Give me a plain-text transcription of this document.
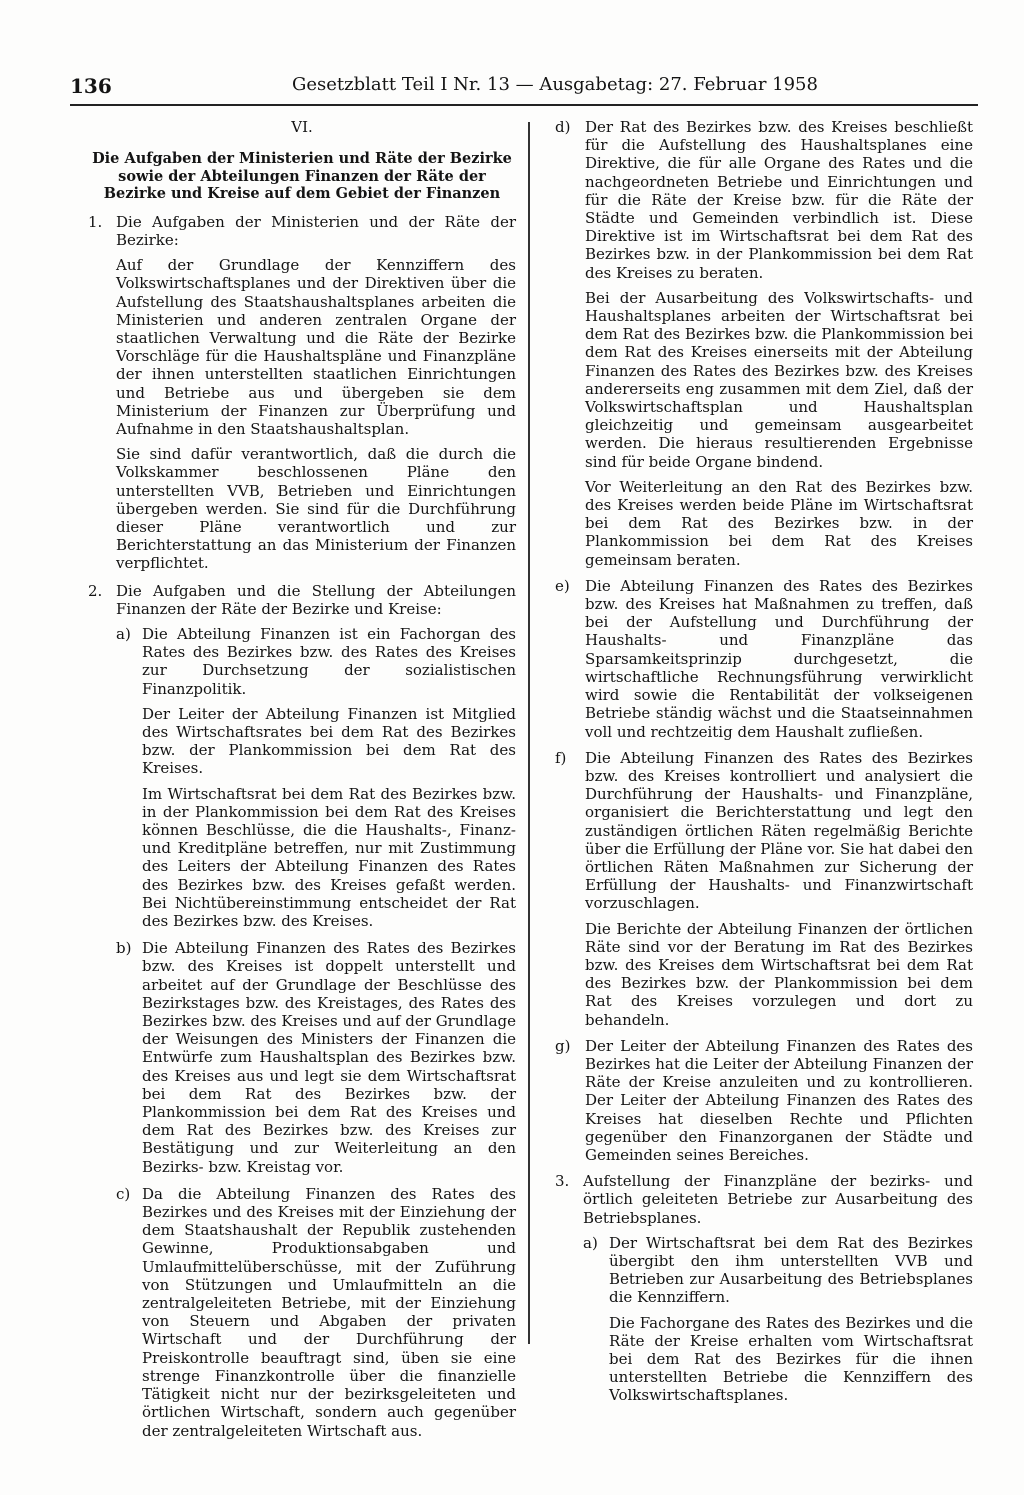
136	Gesetzblatt Teil I Nr. 13 — Ausgabetag: 27. Februar 1958
VI.
Die Aufgaben der Ministerien und Räte der Bezirke sowie der Abteilungen Finanzen der Räte der Bezirke und Kreise auf dem Gebiet der Finanzen
1. Die Aufgaben der Ministerien und der Räte der Bezirke:

Auf der Grundlage der Kennziffern des Volkswirtschaftsplanes und der Direktiven über die Aufstellung des Staatshaushaltsplanes arbeiten die Ministerien und anderen zentralen Organe der staatlichen Verwaltung und die Räte der Bezirke Vorschläge für die Haushaltspläne und Finanzpläne der ihnen unterstellten staatlichen Einrichtungen und Betriebe aus und übergeben sie dem Ministerium der Finanzen zur Überprüfung und Aufnahme in den Staatshaushaltsplan.

Sie sind dafür verantwortlich, daß die durch die Volkskammer beschlossenen Pläne den unterstellten VVB, Betrieben und Einrichtungen übergeben werden. Sie sind für die Durchführung dieser Pläne verantwortlich und zur Berichterstattung an das Ministerium der Finanzen verpflichtet.

2. Die Aufgaben und die Stellung der Abteilungen Finanzen der Räte der Bezirke und Kreise:

a) Die Abteilung Finanzen ist ein Fachorgan des Rates des Bezirkes bzw. des Rates des Kreises zur Durchsetzung der sozialistischen Finanzpolitik.

Der Leiter der Abteilung Finanzen ist Mitglied des Wirtschaftsrates bei dem Rat des Bezirkes bzw. der Plankommission bei dem Rat des Kreises.

Im Wirtschaftsrat bei dem Rat des Bezirkes bzw. in der Plankommission bei dem Rat des Kreises können Beschlüsse, die die Haushalts-, Finanz- und Kreditpläne betreffen, nur mit Zustimmung des Leiters der Abteilung Finanzen des Rates des Bezirkes bzw. des Kreises gefaßt werden. Bei Nichtübereinstimmung entscheidet der Rat des Bezirkes bzw. des Kreises.

b) Die Abteilung Finanzen des Rates des Bezirkes bzw. des Kreises ist doppelt unterstellt und arbeitet auf der Grundlage der Beschlüsse des Bezirkstages bzw. des Kreistages, des Rates des Bezirkes bzw. des Kreises und auf der Grundlage der Weisungen des Ministers der Finanzen die Entwürfe zum Haushaltsplan des Bezirkes bzw. des Kreises aus und legt sie dem Wirtschaftsrat bei dem Rat des Bezirkes bzw. der Plankommission bei dem Rat des Kreises und dem Rat des Bezirkes bzw. des Kreises zur Bestätigung und zur Weiterleitung an den Bezirks- bzw. Kreistag vor.

c) Da die Abteilung Finanzen des Rates des Bezirkes und des Kreises mit der Einziehung der dem Staatshaushalt der Republik zustehenden Gewinne, Produktionsabgaben und Umlaufmittelüberschüsse, mit der Zuführung von Stützungen und Umlaufmitteln an die zentralgeleiteten Betriebe, mit der Einziehung von Steuern und Abgaben der privaten Wirtschaft und der Durchführung der Preiskontrolle beauftragt sind, üben sie eine strenge Finanzkontrolle über die finanzielle Tätigkeit nicht nur der bezirksgeleiteten und örtlichen Wirtschaft, sondern auch gegenüber der zentralgeleiteten Wirtschaft aus.

d) Der Rat des Bezirkes bzw. des Kreises beschließt für die Aufstellung des Haushaltsplanes eine Direktive, die für alle Organe des Rates und die nachgeordneten Betriebe und Einrichtungen und für die Räte der Kreise bzw. für die Räte der Städte und Gemeinden verbindlich ist. Diese Direktive ist im Wirtschaftsrat bei dem Rat des Bezirkes bzw. in der Plankommission bei dem Rat des Kreises zu beraten.

Bei der Ausarbeitung des Volkswirtschafts- und Haushaltsplanes arbeiten der Wirtschaftsrat bei dem Rat des Bezirkes bzw. die Plankommission bei dem Rat des Kreises einerseits mit der Abteilung Finanzen des Rates des Bezirkes bzw. des Kreises andererseits eng zusammen mit dem Ziel, daß der Volkswirtschaftsplan und Haushaltsplan gleichzeitig und gemeinsam ausgearbeitet werden. Die hieraus resultierenden Ergebnisse sind für beide Organe bindend.

Vor Weiterleitung an den Rat des Bezirkes bzw. des Kreises werden beide Pläne im Wirtschaftsrat bei dem Rat des Bezirkes bzw. in der Plankommission bei dem Rat des Kreises gemeinsam beraten.

e) Die Abteilung Finanzen des Rates des Bezirkes bzw. des Kreises hat Maßnahmen zu treffen, daß bei der Aufstellung und Durchführung der Haushalts- und Finanzpläne das Sparsamkeitsprinzip durchgesetzt, die wirtschaftliche Rechnungsführung verwirklicht wird sowie die Rentabilität der volkseigenen Betriebe ständig wächst und die Staatseinnahmen voll und rechtzeitig dem Haushalt zufließen.

f) Die Abteilung Finanzen des Rates des Bezirkes bzw. des Kreises kontrolliert und analysiert die Durchführung der Haushalts- und Finanzpläne, organisiert die Berichterstattung und legt den zuständigen örtlichen Räten regelmäßig Berichte über die Erfüllung der Pläne vor. Sie hat dabei den örtlichen Räten Maßnahmen zur Sicherung der Erfüllung der Haushalts- und Finanzwirtschaft vorzuschlagen.

Die Berichte der Abteilung Finanzen der örtlichen Räte sind vor der Beratung im Rat des Bezirkes bzw. des Kreises dem Wirtschaftsrat bei dem Rat des Bezirkes bzw. der Plankommission bei dem Rat des Kreises vorzulegen und dort zu behandeln.

g) Der Leiter der Abteilung Finanzen des Rates des Bezirkes hat die Leiter der Abteilung Finanzen der Räte der Kreise anzuleiten und zu kontrollieren. Der Leiter der Abteilung Finanzen des Rates des Kreises hat dieselben Rechte und Pflichten gegenüber den Finanzorganen der Städte und Gemeinden seines Bereiches.

3. Aufstellung der Finanzpläne der bezirks- und örtlich geleiteten Betriebe zur Ausarbeitung des Betriebsplanes.

a) Der Wirtschaftsrat bei dem Rat des Bezirkes übergibt den ihm unterstellten VVB und Betrieben zur Ausarbeitung des Betriebsplanes die Kennziffern.

Die Fachorgane des Rates des Bezirkes und die Räte der Kreise erhalten vom Wirtschaftsrat bei dem Rat des Bezirkes für die ihnen unterstellten Betriebe die Kennziffern des Volkswirtschaftsplanes.
